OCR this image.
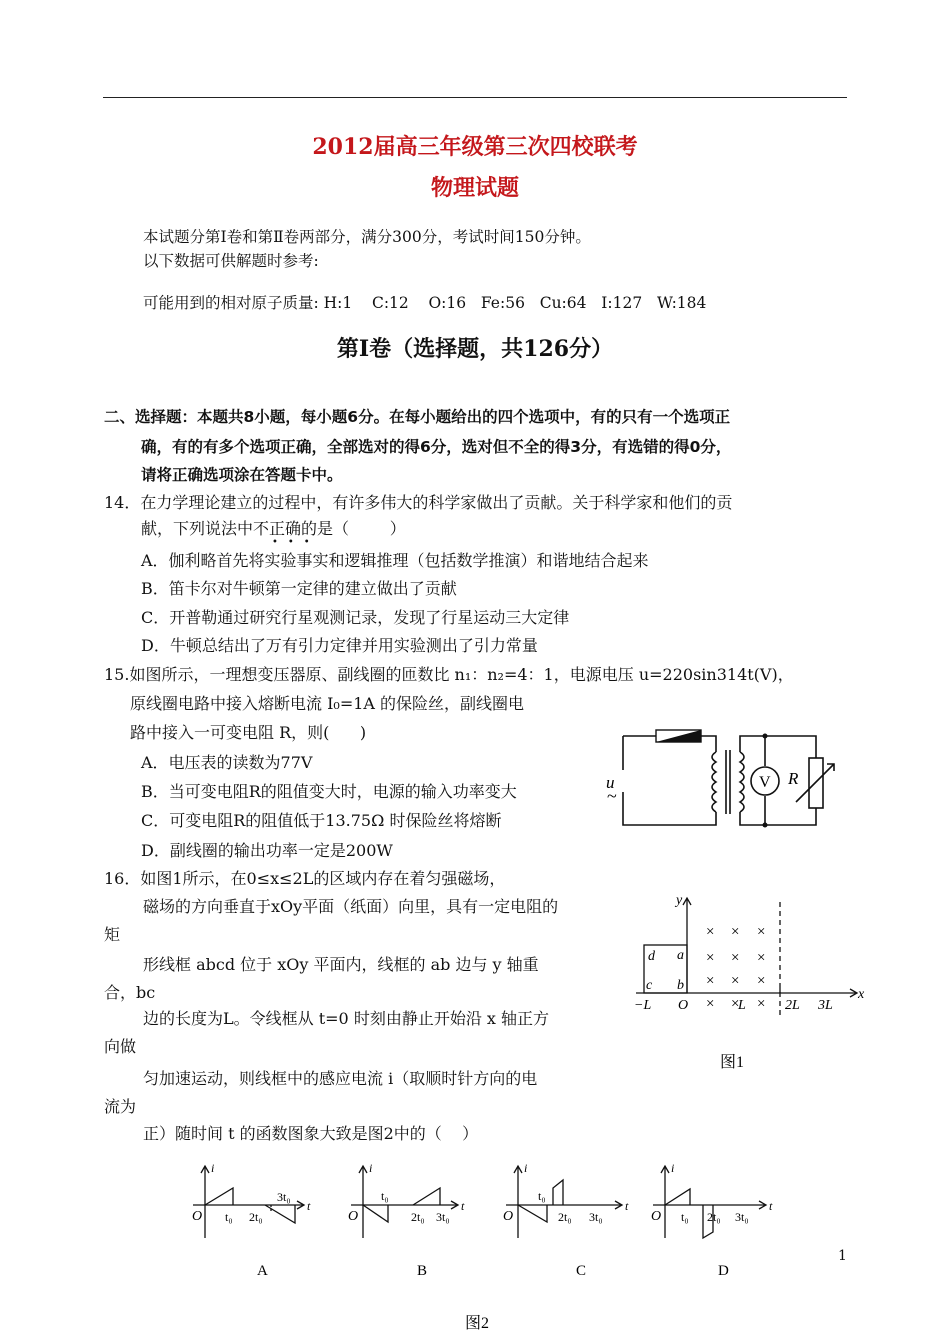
2012届高三年级第三次四校联考
物理试题
本试题分第Ⅰ卷和第Ⅱ卷两部分，满分300分，考试时间150分钟。
以下数据可供解题时参考:
可能用到的相对原子质量: H:1    C:12    O:16   Fe:56   Cu:64   I:127   W:184
第Ⅰ卷（选择题，共126分）
二、选择题：本题共8小题，每小题6分。在每小题给出的四个选项中，有的只有一个选项正
确，有的有多个选项正确，全部选对的得6分，选对但不全的得3分，有选错的得0分，
请将正确选项涂在答题卡中。
14．在力学理论建立的过程中，有许多伟大的科学家做出了贡献。关于科学家和他们的贡
献，下列说法中不正确的是（        ）
•••
A．伽利略首先将实验事实和逻辑推理（包括数学推演）和谐地结合起来
B．笛卡尔对牛顿第一定律的建立做出了贡献
C．开普勒通过研究行星观测记录，发现了行星运动三大定律
D．牛顿总结出了万有引力定律并用实验测出了引力常量
15.如图所示，一理想变压器原、副线圈的匝数比 n₁：n₂=4：1，电源电压 u=220sin314t(V)，
原线圈电路中接入熔断电流 I₀=1A 的保险丝，副线圈电
路中接入一可变电阻 R，则(      )
A．电压表的读数为77V
B．当可变电阻R的阻值变大时，电源的输入功率变大
C．可变电阻R的阻值低于13.75Ω 时保险丝将熔断
D．副线圈的输出功率一定是200W
u
~
V R
16．如图1所示，在0≤x≤2L的区域内存在着匀强磁场，
磁场的方向垂直于xOy平面（纸面）向里，具有一定电阻的
矩
形线框 abcd 位于 xOy 平面内，线框的 ab 边与 y 轴重
合，bc
边的长度为L。令线框从 t=0 时刻由静止开始沿 x 轴正方
向做
匀加速运动，则线框中的感应电流 i（取顺时针方向的电
流为
正）随时间 t 的函数图象大致是图2中的（    ）
y
x
a
b
c
d
O
−L	L	2L 3L
× × ×
× × ×
× × ×
× × ×
图1
i
t
O t₀ 2t₀
3t₀
i
t
O
t₀
2t₀ 3t₀
i
t
O
t₀
2t₀ 3t₀
i
t
O t₀ 2t₀ 3t₀
A	B	C	D
图2
1
